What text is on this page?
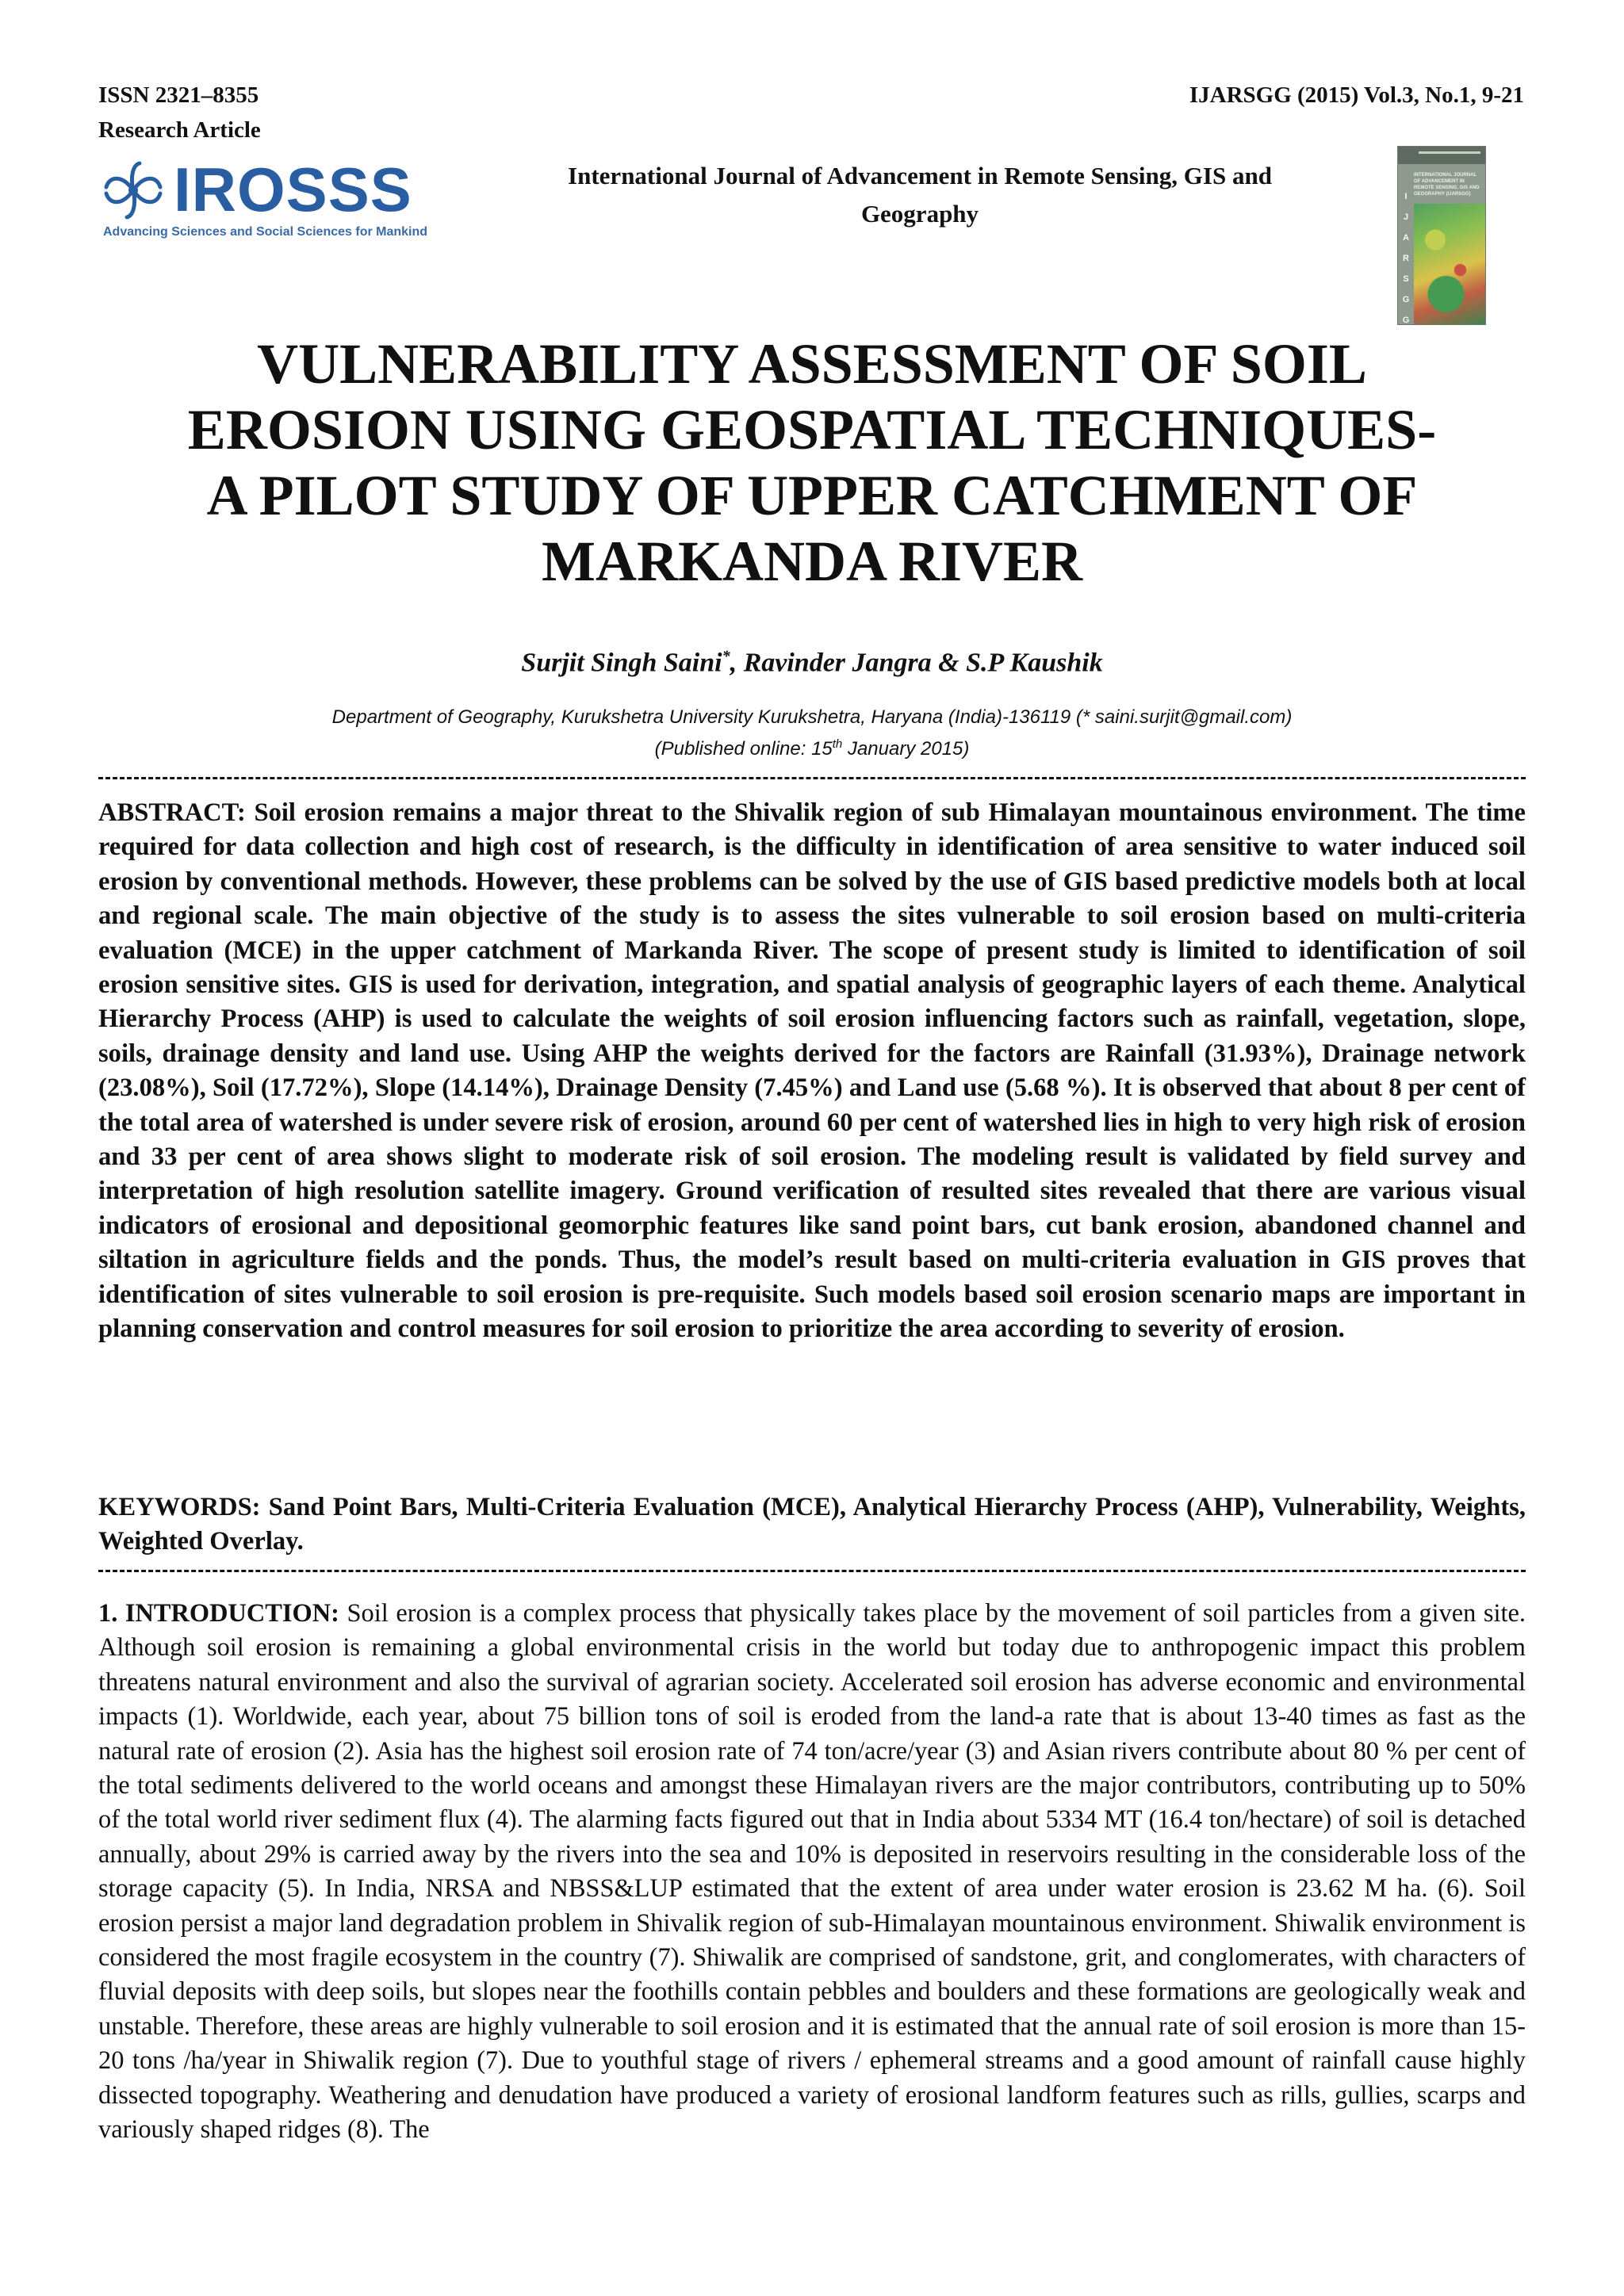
ISSN 2321–8355
Research Article
IJARSGG (2015) Vol.3, No.1, 9-21
IROSSS
Advancing Sciences and Social Sciences for Mankind
International Journal of Advancement in Remote Sensing, GIS and
Geography
INTERNATIONAL JOURNAL OF ADVANCEMENT IN REMOTE SENSING, GIS AND GEOGRAPHY (IJARSGG)
I
J
A
R
S
G
G
VULNERABILITY ASSESSMENT OF SOIL
EROSION USING GEOSPATIAL TECHNIQUES-
A PILOT STUDY OF UPPER CATCHMENT OF
MARKANDA RIVER
Surjit Singh Saini*, Ravinder Jangra & S.P Kaushik
Department of Geography, Kurukshetra University Kurukshetra, Haryana (India)-136119 (* saini.surjit@gmail.com)
(Published online: 15th January 2015)
ABSTRACT: Soil erosion remains a major threat to the Shivalik region of sub Himalayan mountainous environment. The time required for data collection and high cost of research, is the difficulty in identification of area sensitive to water induced soil erosion by conventional methods. However, these problems can be solved by the use of GIS based predictive models both at local and regional scale. The main objective of the study is to assess the sites vulnerable to soil erosion based on multi-criteria evaluation (MCE) in the upper catchment of Markanda River. The scope of present study is limited to identification of soil erosion sensitive sites. GIS is used for derivation, integration, and spatial analysis of geographic layers of each theme. Analytical Hierarchy Process (AHP) is used to calculate the weights of soil erosion influencing factors such as rainfall, vegetation, slope, soils, drainage density and land use. Using AHP the weights derived for the factors are Rainfall (31.93%), Drainage network (23.08%), Soil (17.72%), Slope (14.14%), Drainage Density (7.45%) and Land use (5.68 %). It is observed that about 8 per cent of the total area of watershed is under severe risk of erosion, around 60 per cent of watershed lies in high to very high risk of erosion and 33 per cent of area shows slight to moderate risk of soil erosion. The modeling result is validated by field survey and interpretation of high resolution satellite imagery. Ground verification of resulted sites revealed that there are various visual indicators of erosional and depositional geomorphic features like sand point bars, cut bank erosion, abandoned channel and siltation in agriculture fields and the ponds. Thus, the model’s result based on multi-criteria evaluation in GIS proves that identification of sites vulnerable to soil erosion is pre-requisite. Such models based soil erosion scenario maps are important in planning conservation and control measures for soil erosion to prioritize the area according to severity of erosion.
KEYWORDS: Sand Point Bars, Multi-Criteria Evaluation (MCE), Analytical Hierarchy Process (AHP), Vulnerability, Weights, Weighted Overlay.
1. INTRODUCTION: Soil erosion is a complex process that physically takes place by the movement of soil particles from a given site. Although soil erosion is remaining a global environmental crisis in the world but today due to anthropogenic impact this problem threatens natural environment and also the survival of agrarian society. Accelerated soil erosion has adverse economic and environmental impacts (1). Worldwide, each year, about 75 billion tons of soil is eroded from the land-a rate that is about 13-40 times as fast as the natural rate of erosion (2). Asia has the highest soil erosion rate of 74 ton/acre/year (3) and Asian rivers contribute about 80 % per cent of the total sediments delivered to the world oceans and amongst these Himalayan rivers are the major contributors, contributing up to 50% of the total world river sediment flux (4). The alarming facts figured out that in India about 5334 MT (16.4 ton/hectare) of soil is detached annually, about 29% is carried away by the rivers into the sea and 10% is deposited in reservoirs resulting in the considerable loss of the storage capacity (5). In India, NRSA and NBSS&LUP estimated that the extent of area under water erosion is 23.62 M ha. (6). Soil erosion persist a major land degradation problem in Shivalik region of sub-Himalayan mountainous environment. Shiwalik environment is considered the most fragile ecosystem in the country (7). Shiwalik are comprised of sandstone, grit, and conglomerates, with characters of fluvial deposits with deep soils, but slopes near the foothills contain pebbles and boulders and these formations are geologically weak and unstable. Therefore, these areas are highly vulnerable to soil erosion and it is estimated that the annual rate of soil erosion is more than 15-20 tons /ha/year in Shiwalik region (7). Due to youthful stage of rivers / ephemeral streams and a good amount of rainfall cause highly dissected topography. Weathering and denudation have produced a variety of erosional landform features such as rills, gullies, scarps and variously shaped ridges (8). The
